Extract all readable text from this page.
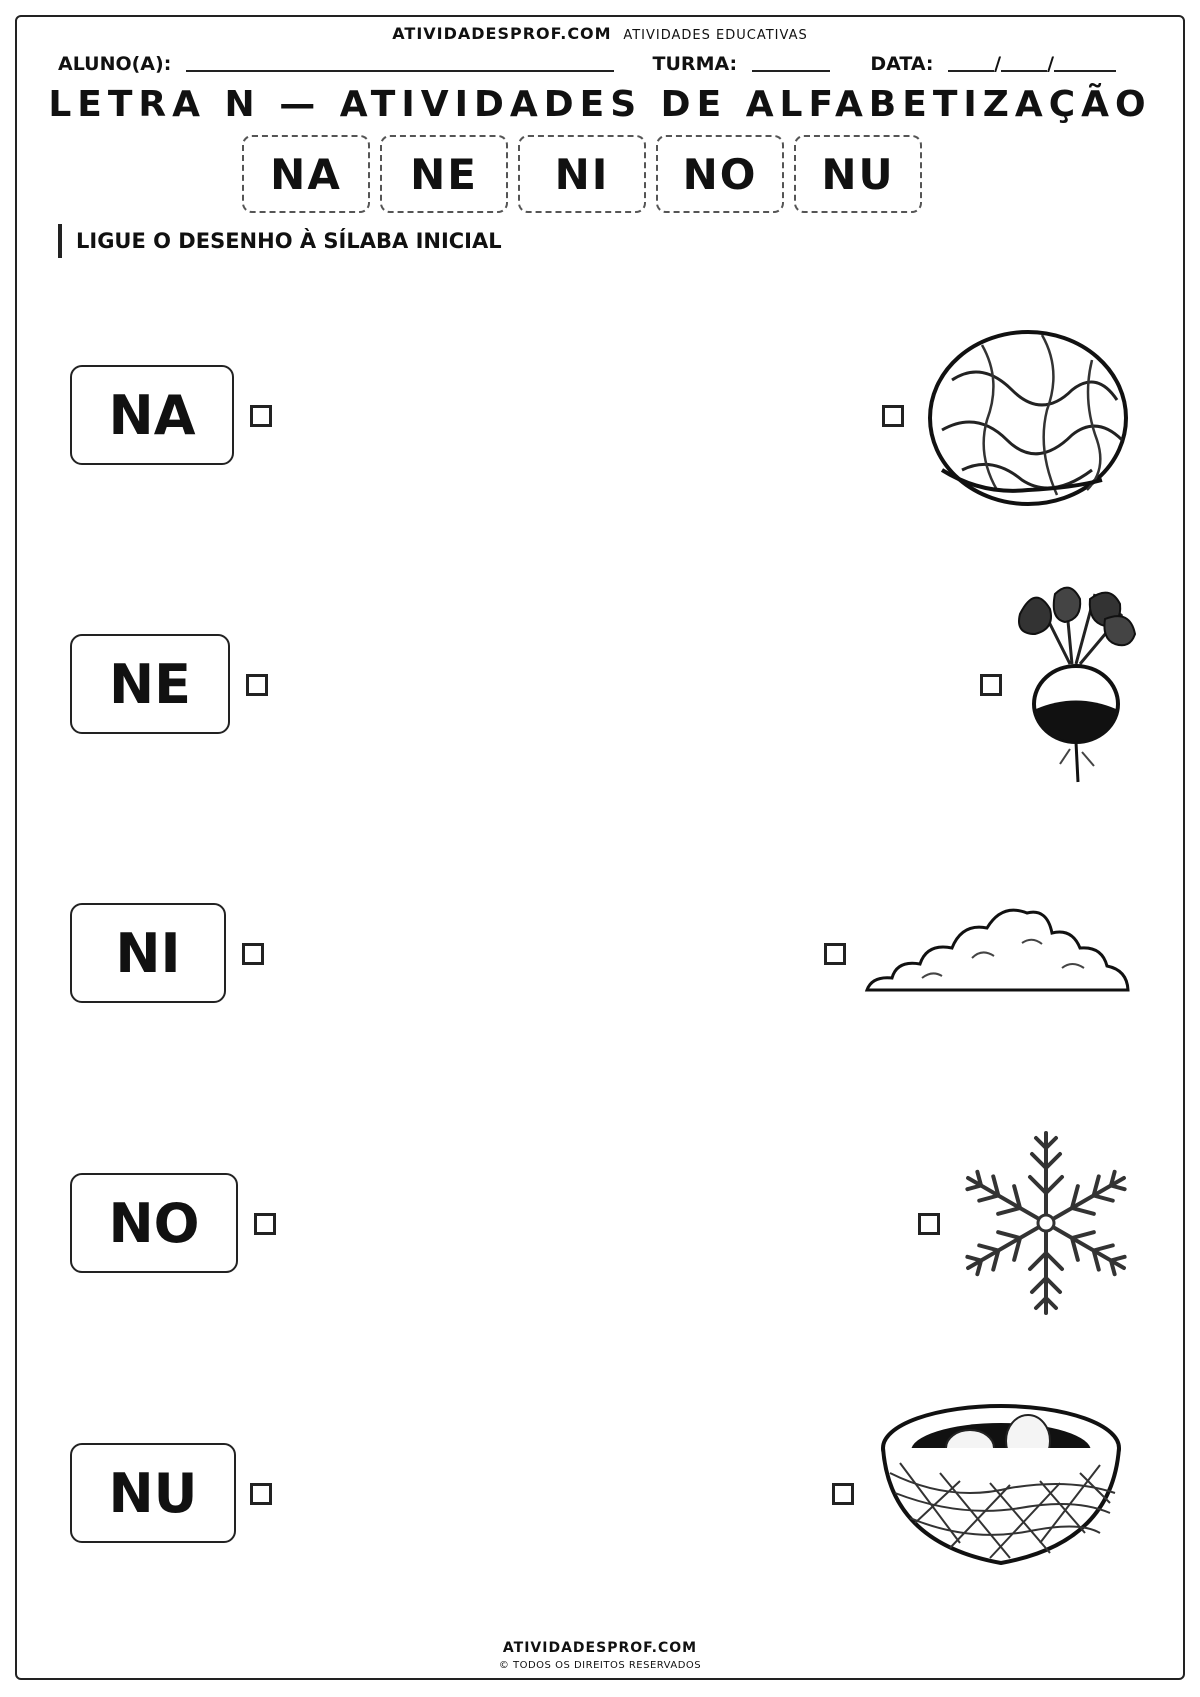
ATIVIDADESPROF.COM ATIVIDADES EDUCATIVAS
ALUNO(A):	TURMA:	DATA:	/ /
LETRA N — ATIVIDADES DE ALFABETIZAÇÃO
NA	NE	NI	NO	NU
LIGUE O DESENHO À SÍLABA INICIAL
NA
NE
NI
NO
NU
ATIVIDADESPROF.COM
© TODOS OS DIREITOS RESERVADOS
